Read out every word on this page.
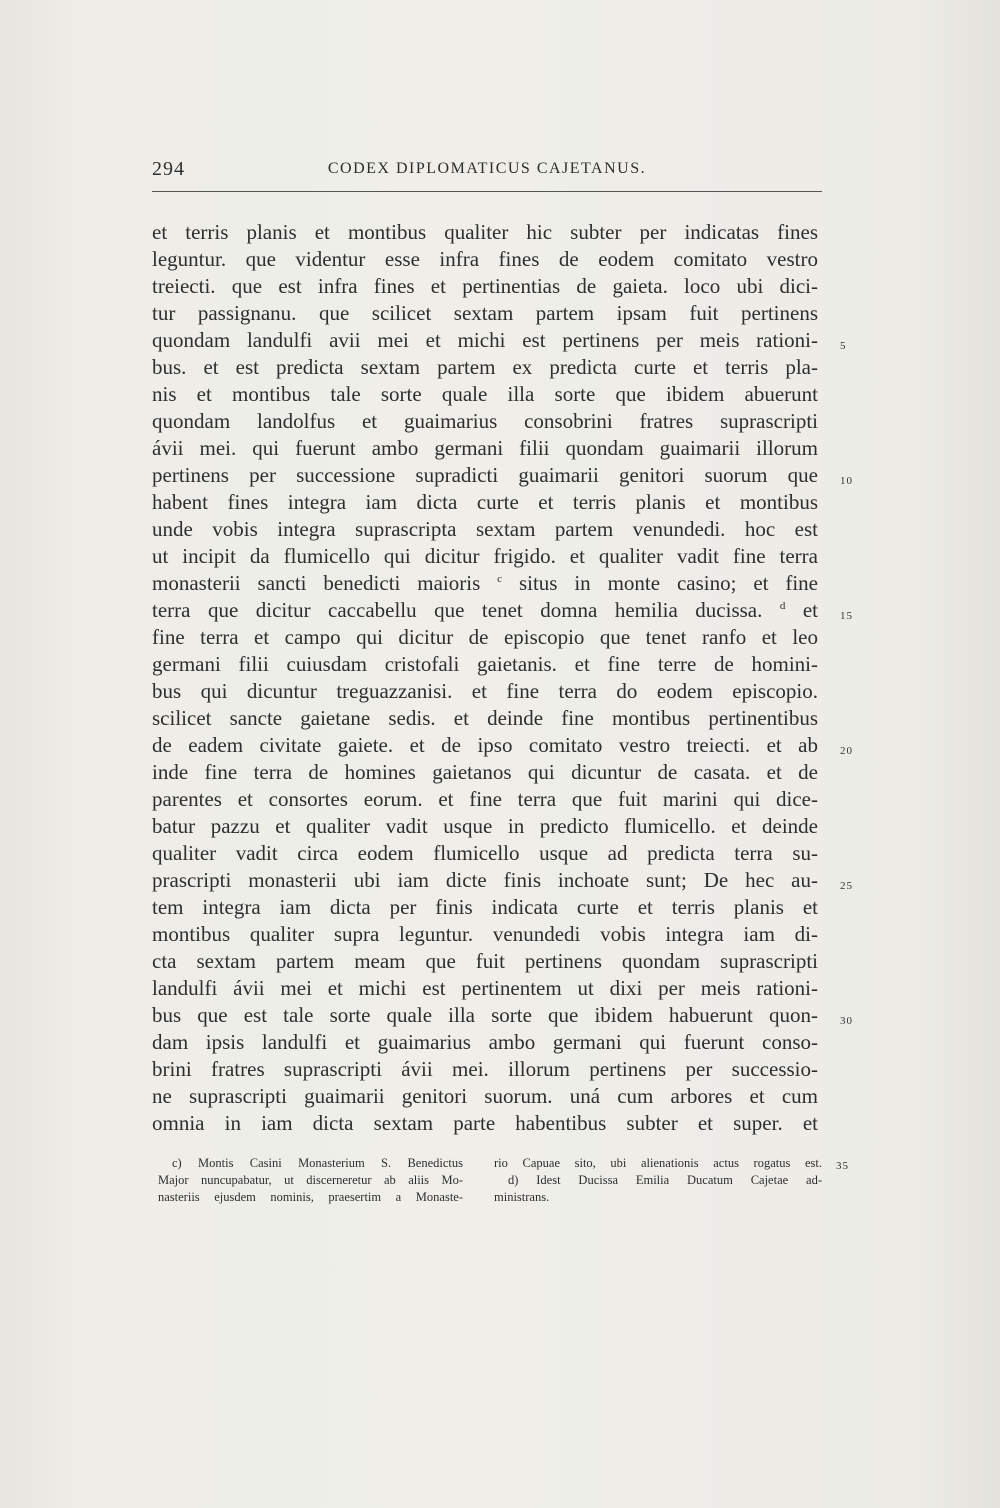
294	CODEX DIPLOMATICUS CAJETANUS.
et terris planis et montibus qualiter hic subter per indicatas fines
leguntur. que videntur esse infra fines de eodem comitato vestro
treiecti. que est infra fines et pertinentias de gaieta. loco ubi dici-
tur passignanu. que scilicet sextam partem ipsam fuit pertinens
quondam landulfi avii mei et michi est pertinens per meis rationi-
bus. et est predicta sextam partem ex predicta curte et terris pla-
nis et montibus tale sorte quale illa sorte que ibidem abuerunt
quondam landolfus et guaimarius consobrini fratres suprascripti
ávii mei. qui fuerunt ambo germani filii quondam guaimarii illorum
pertinens per successione supradicti guaimarii genitori suorum que
habent fines integra iam dicta curte et terris planis et montibus
unde vobis integra suprascripta sextam partem venundedi. hoc est
ut incipit da flumicello qui dicitur frigido. et qualiter vadit fine terra
monasterii sancti benedicti maioris $^c$ situs in monte casino; et fine
terra que dicitur caccabellu que tenet domna hemilia ducissa. $^d$ et
fine terra et campo qui dicitur de episcopio que tenet ranfo et leo
germani filii cuiusdam cristofali gaietanis. et fine terre de homini-
bus qui dicuntur treguazzanisi. et fine terra do eodem episcopio.
scilicet sancte gaietane sedis. et deinde fine montibus pertinentibus
de eadem civitate gaiete. et de ipso comitato vestro treiecti. et ab
inde fine terra de homines gaietanos qui dicuntur de casata. et de
parentes et consortes eorum. et fine terra que fuit marini qui dice-
batur pazzu et qualiter vadit usque in predicto flumicello. et deinde
qualiter vadit circa eodem flumicello usque ad predicta terra su-
prascripti monasterii ubi iam dicte finis inchoate sunt; De hec au-
tem integra iam dicta per finis indicata curte et terris planis et
montibus qualiter supra leguntur. venundedi vobis integra iam di-
cta sextam partem meam que fuit pertinens quondam suprascripti
landulfi ávii mei et michi est pertinentem ut dixi per meis rationi-
bus que est tale sorte quale illa sorte que ibidem habuerunt quon-
dam ipsis landulfi et guaimarius ambo germani qui fuerunt conso-
brini fratres suprascripti ávii mei. illorum pertinens per successio-
ne suprascripti guaimarii genitori suorum. uná cum arbores et cum
omnia in iam dicta sextam parte habentibus subter et super. et
5
10
15
20
25
30
c) Montis Casini Monasterium S. Benedictus
Major nuncupabatur, ut discerneretur ab aliis Mo-
nasteriis ejusdem nominis, praesertim a Monaste-
rio Capuae sito, ubi alienationis actus rogatus est.
d) Idest Ducissa Emilia Ducatum Cajetae ad-
ministrans.
35
